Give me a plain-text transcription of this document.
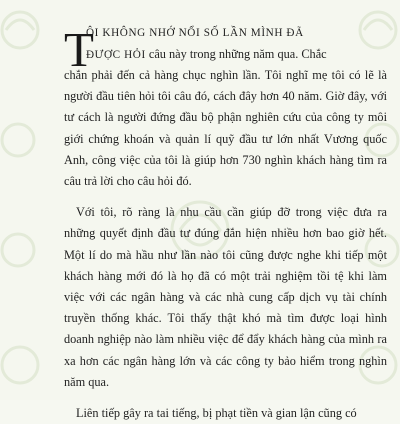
T
ÔI KHÔNG NHỚ NỔI SỐ LẦN MÌNH ĐÃ
ĐƯỢC HỎI câu này trong những năm qua. Chắc
chắn phải đến cả hàng chục nghìn lần. Tôi nghĩ mẹ tôi có lẽ là người đầu tiên hỏi tôi câu đó, cách đây hơn 40 năm. Giờ đây, với tư cách là người đứng đầu bộ phận nghiên cứu của công ty môi giới chứng khoán và quản lí quỹ đầu tư lớn nhất Vương quốc Anh, công việc của tôi là giúp hơn 730 nghìn khách hàng tìm ra câu trả lời cho câu hỏi đó.
Với tôi, rõ ràng là nhu cầu cần giúp đỡ trong việc đưa ra những quyết định đầu tư đúng đắn hiện nhiều hơn bao giờ hết. Một lí do mà hầu như lần nào tôi cũng được nghe khi tiếp một khách hàng mới đó là họ đã có một trải nghiệm tồi tệ khi làm việc với các ngân hàng và các nhà cung cấp dịch vụ tài chính truyền thống khác. Tôi thấy thật khó mà tìm được loại hình doanh nghiệp nào làm nhiều việc để đẩy khách hàng của mình ra xa hơn các ngân hàng lớn và các công ty bảo hiểm trong nghìn năm qua.
Liên tiếp gây ra tai tiếng, bị phạt tiền và gian lận cũng có
